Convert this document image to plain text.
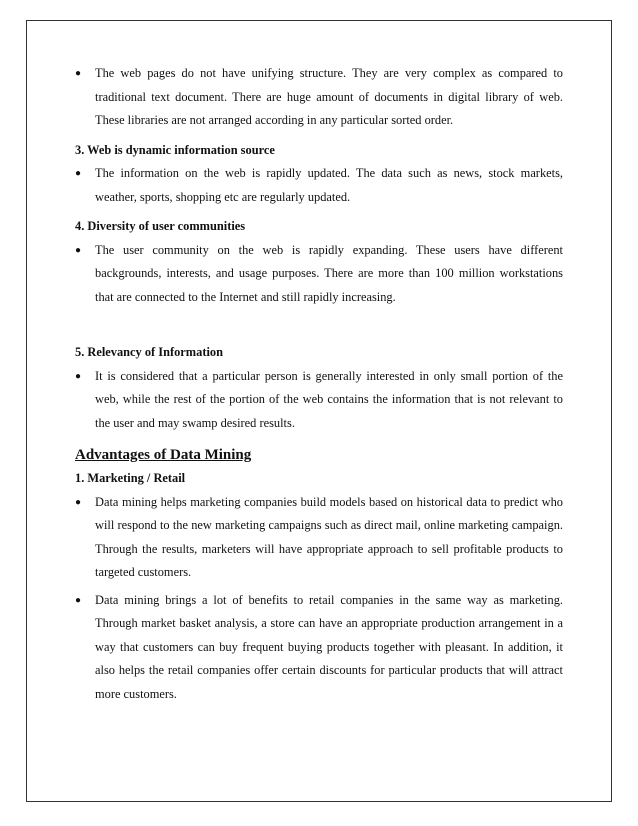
● The web pages do not have unifying structure. They are very complex as compared to traditional text document. There are huge amount of documents in digital library of web. These libraries are not arranged according in any particular sorted order.
3. Web is dynamic information source
● The information on the web is rapidly updated. The data such as news, stock markets, weather, sports, shopping etc are regularly updated.
4. Diversity of user communities
● The user community on the web is rapidly expanding. These users have different backgrounds, interests, and usage purposes. There are more than 100 million workstations that are connected to the Internet and still rapidly increasing.
5. Relevancy of Information
● It is considered that a particular person is generally interested in only small portion of the web, while the rest of the portion of the web contains the information that is not relevant to the user and may swamp desired results.
Advantages of Data Mining
1. Marketing / Retail
● Data mining helps marketing companies build models based on historical data to predict who will respond to the new marketing campaigns such as direct mail, online marketing campaign. Through the results, marketers will have appropriate approach to sell profitable products to targeted customers.
● Data mining brings a lot of benefits to retail companies in the same way as marketing. Through market basket analysis, a store can have an appropriate production arrangement in a way that customers can buy frequent buying products together with pleasant. In addition, it also helps the retail companies offer certain discounts for particular products that will attract more customers.
